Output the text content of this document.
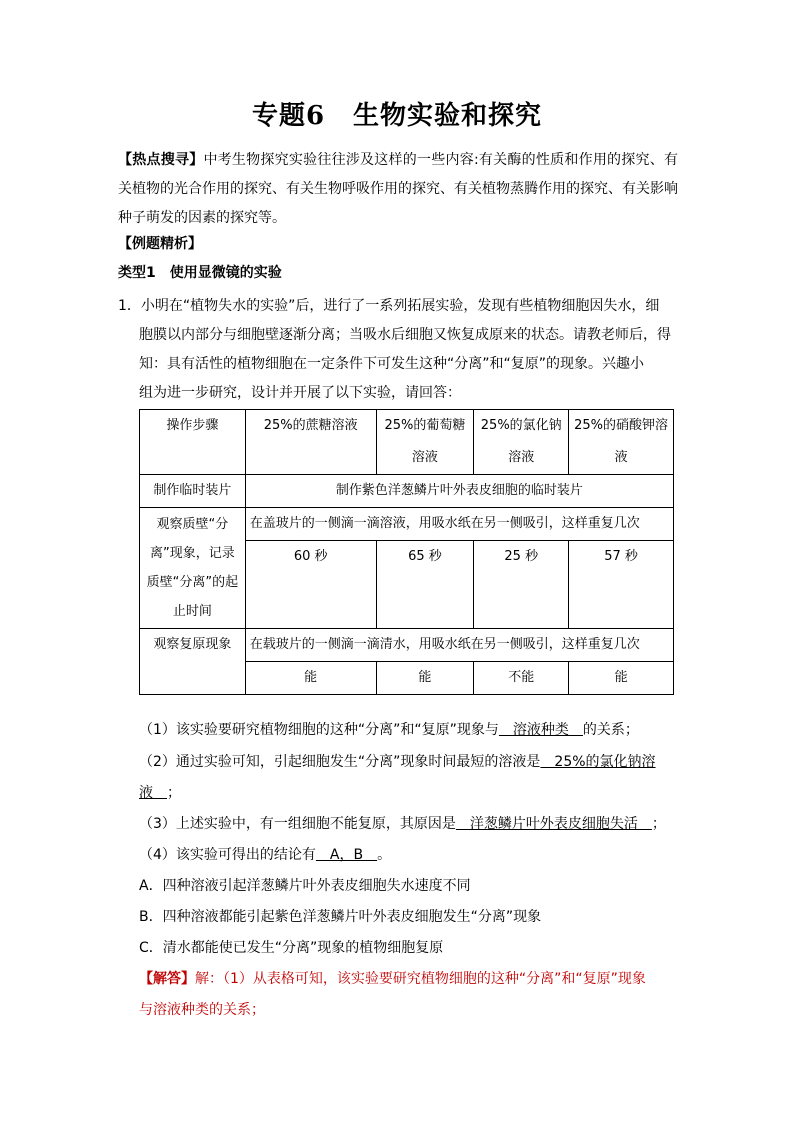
专题6 生物实验和探究
【热点搜寻】中考生物探究实验往往涉及这样的一些内容:有关酶的性质和作用的探究、有关植物的光合作用的探究、有关生物呼吸作用的探究、有关植物蒸腾作用的探究、有关影响种子萌发的因素的探究等。
【例题精析】
类型1　使用显微镜的实验
1．小明在“植物失水的实验”后，进行了一系列拓展实验，发现有些植物细胞因失水，细
胞膜以内部分与细胞壁逐渐分离；当吸水后细胞又恢复成原来的状态。请教老师后，得
知：具有活性的植物细胞在一定条件下可发生这种“分离”和“复原”的现象。兴趣小
组为进一步研究，设计并开展了以下实验，请回答：
操作步骤	25%的蔗糖溶液	25%的葡萄糖溶液	25%的氯化钠溶液	25%的硝酸钾溶液
制作临时装片	制作紫色洋葱鳞片叶外表皮细胞的临时装片			
观察质壁“分离”现象，记录质壁“分离”的起止时间	在盖玻片的一侧滴一滴溶液，用吸水纸在另一侧吸引，这样重复几次			
	60 秒	65 秒	25 秒	57 秒
观察复原现象	在载玻片的一侧滴一滴清水，用吸水纸在另一侧吸引，这样重复几次			
	能	能	不能	能
（1）该实验要研究植物细胞的这种“分离”和“复原”现象与　溶液种类　的关系；
（2）通过实验可知，引起细胞发生“分离”现象时间最短的溶液是　25%的氯化钠溶
液　；
（3）上述实验中，有一组细胞不能复原，其原因是　洋葱鳞片叶外表皮细胞失活　；
（4）该实验可得出的结论有　A，B　。
A．四种溶液引起洋葱鳞片叶外表皮细胞失水速度不同
B．四种溶液都能引起紫色洋葱鳞片叶外表皮细胞发生“分离”现象
C．清水都能使已发生“分离”现象的植物细胞复原
【解答】解：（1）从表格可知，该实验要研究植物细胞的这种“分离”和“复原”现象
与溶液种类的关系；
